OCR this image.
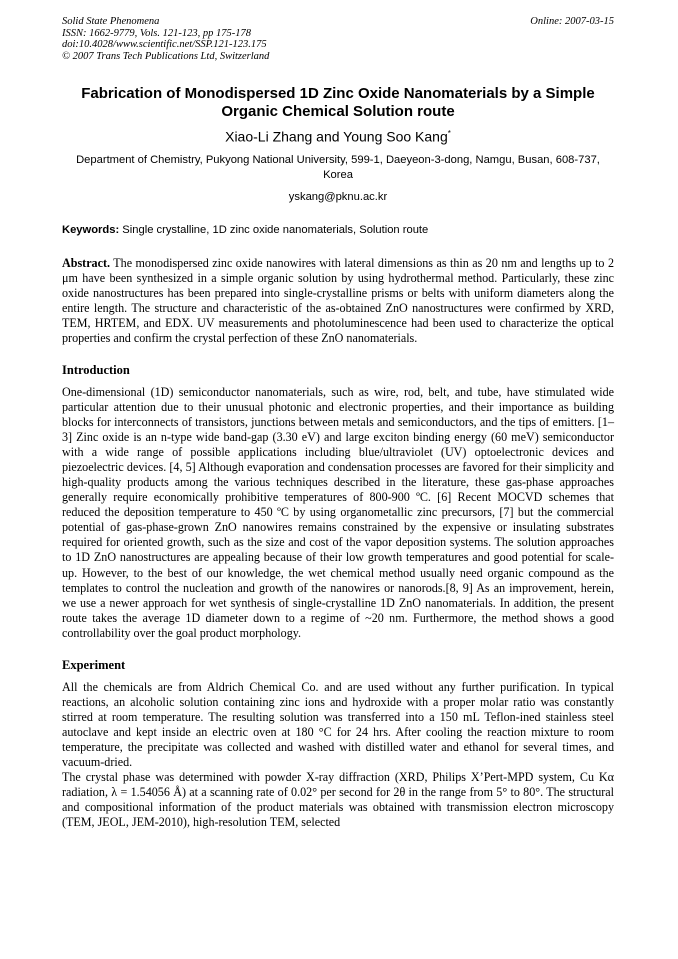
Solid State Phenomena
ISSN: 1662-9779, Vols. 121-123, pp 175-178
doi:10.4028/www.scientific.net/SSP.121-123.175
© 2007 Trans Tech Publications Ltd, Switzerland
Online: 2007-03-15
Fabrication of Monodispersed 1D Zinc Oxide Nanomaterials by a Simple Organic Chemical Solution route
Xiao-Li Zhang and Young Soo Kang*
Department of Chemistry, Pukyong National University, 599-1, Daeyeon-3-dong, Namgu, Busan, 608-737, Korea
yskang@pknu.ac.kr
Keywords: Single crystalline, 1D zinc oxide nanomaterials, Solution route
Abstract. The monodispersed zinc oxide nanowires with lateral dimensions as thin as 20 nm and lengths up to 2 μm have been synthesized in a simple organic solution by using hydrothermal method. Particularly, these zinc oxide nanostructures has been prepared into single-crystalline prisms or belts with uniform diameters along the entire length. The structure and characteristic of the as-obtained ZnO nanostructures were confirmed by XRD, TEM, HRTEM, and EDX. UV measurements and photoluminescence had been used to characterize the optical properties and confirm the crystal perfection of these ZnO nanomaterials.
Introduction
One-dimensional (1D) semiconductor nanomaterials, such as wire, rod, belt, and tube, have stimulated wide particular attention due to their unusual photonic and electronic properties, and their importance as building blocks for interconnects of transistors, junctions between metals and semiconductors, and the tips of emitters. [1–3] Zinc oxide is an n-type wide band-gap (3.30 eV) and large exciton binding energy (60 meV) semiconductor with a wide range of possible applications including blue/ultraviolet (UV) optoelectronic devices and piezoelectric devices. [4, 5] Although evaporation and condensation processes are favored for their simplicity and high-quality products among the various techniques described in the literature, these gas-phase approaches generally require economically prohibitive temperatures of 800-900 ºC. [6] Recent MOCVD schemes that reduced the deposition temperature to 450 ºC by using organometallic zinc precursors, [7] but the commercial potential of gas-phase-grown ZnO nanowires remains constrained by the expensive or insulating substrates required for oriented growth, such as the size and cost of the vapor deposition systems. The solution approaches to 1D ZnO nanostructures are appealing because of their low growth temperatures and good potential for scale-up. However, to the best of our knowledge, the wet chemical method usually need organic compound as the templates to control the nucleation and growth of the nanowires or nanorods.[8, 9] As an improvement, herein, we use a newer approach for wet synthesis of single-crystalline 1D ZnO nanomaterials. In addition, the present route takes the average 1D diameter down to a regime of ~20 nm. Furthermore, the method shows a good controllability over the goal product morphology.
Experiment
All the chemicals are from Aldrich Chemical Co. and are used without any further purification. In typical reactions, an alcoholic solution containing zinc ions and hydroxide with a proper molar ratio was constantly stirred at room temperature. The resulting solution was transferred into a 150 mL Teflon-ined stainless steel autoclave and kept inside an electric oven at 180 °C for 24 hrs. After cooling the reaction mixture to room temperature, the precipitate was collected and washed with distilled water and ethanol for several times, and vacuum-dried.
The crystal phase was determined with powder X-ray diffraction (XRD, Philips X’Pert-MPD system, Cu Kα radiation, λ = 1.54056 Å) at a scanning rate of 0.02° per second for 2θ in the range from 5° to 80°. The structural and compositional information of the product materials was obtained with transmission electron microscopy (TEM, JEOL, JEM-2010), high-resolution TEM, selected
